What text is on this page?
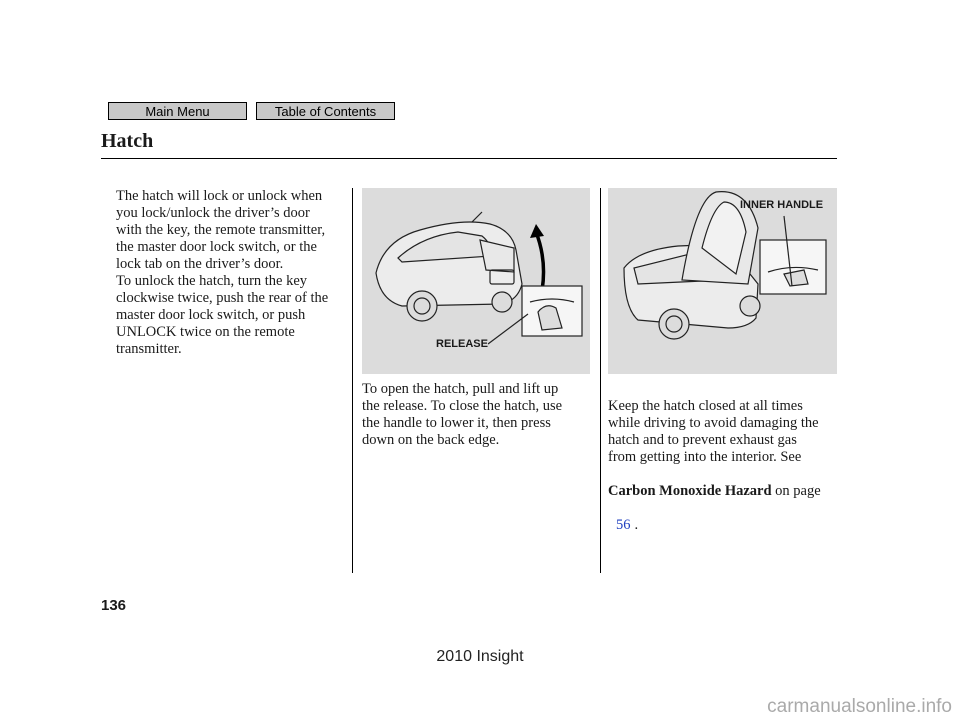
Main Menu	Table of Contents
Hatch

The hatch will lock or unlock when
you lock/unlock the driver’s door
with the key, the remote transmitter,
the master door lock switch, or the
lock tab on the driver’s door.

To unlock the hatch, turn the key
clockwise twice, push the rear of the
master door lock switch, or push
UNLOCK twice on the remote
transmitter.	RELEASE
INNER HANDLE

To open the hatch, pull and lift up
the release. To close the hatch, use
the handle to lower it, then press
down on the back edge.

Keep the hatch closed at all times
while driving to avoid damaging the
hatch and to prevent exhaust gas
from getting into the interior. See

Carbon Monoxide Hazard on page

56 .

136
2010 Insight
carmanualsonline.info
